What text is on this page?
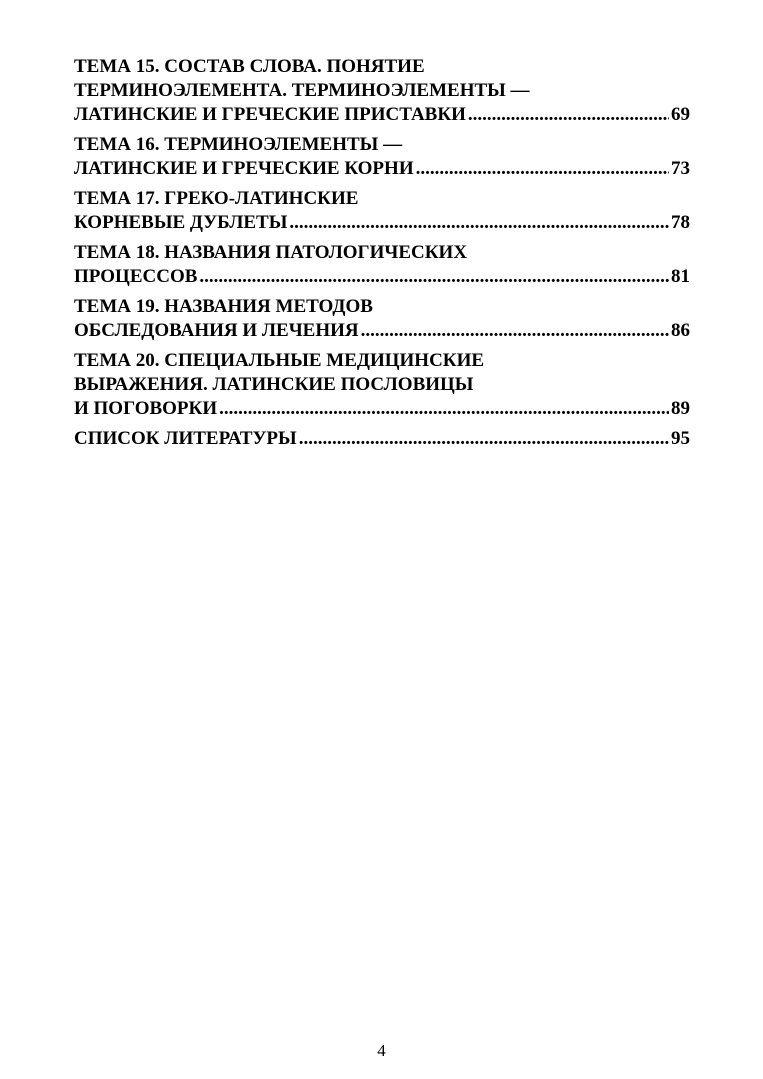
ТЕМА 15. СОСТАВ СЛОВА. ПОНЯТИЕ
ТЕРМИНОЭЛЕМЕНТА. ТЕРМИНОЭЛЕМЕНТЫ —
ЛАТИНСКИЕ И ГРЕЧЕСКИЕ ПРИСТАВКИ .....	69
ТЕМА 16. ТЕРМИНОЭЛЕМЕНТЫ —
ЛАТИНСКИЕ И ГРЕЧЕСКИЕ КОРНИ .....	73
ТЕМА 17. ГРЕКО-ЛАТИНСКИЕ
КОРНЕВЫЕ ДУБЛЕТЫ .....	78
ТЕМА 18. НАЗВАНИЯ ПАТОЛОГИЧЕСКИХ
ПРОЦЕССОВ .....	81
ТЕМА 19. НАЗВАНИЯ МЕТОДОВ
ОБСЛЕДОВАНИЯ И ЛЕЧЕНИЯ .....	86
ТЕМА 20. СПЕЦИАЛЬНЫЕ МЕДИЦИНСКИЕ
ВЫРАЖЕНИЯ. ЛАТИНСКИЕ ПОСЛОВИЦЫ
И ПОГОВОРКИ .....	89
СПИСОК ЛИТЕРАТУРЫ .....	95
4
